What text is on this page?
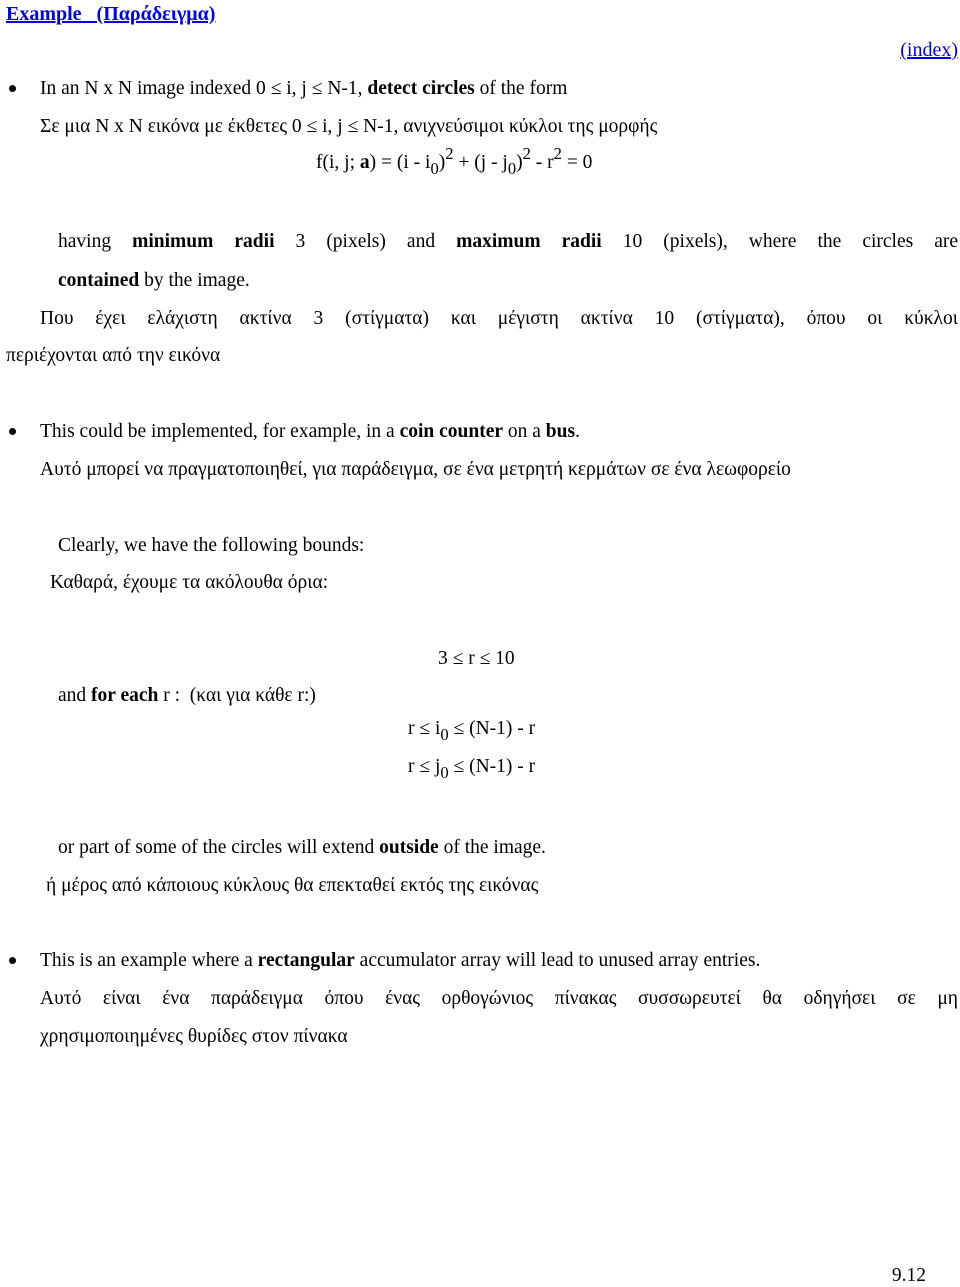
Example   (Παράδειγμα)
(index)
In an N x N image indexed 0 ≤ i, j ≤ N-1, detect circles of the form
Σε μια N x N εικόνα με έκθετες 0 ≤ i, j ≤ N-1, ανιχνεύσιμοι κύκλοι της μορφής
f(i, j; $a) = (i - i_0)^2 + (j - j_0)^2 - r^2 = 0$
having minimum radii 3 (pixels) and maximum radii 10 (pixels), where the circles are
contained by the image.
Που έχει ελάχιστη ακτίνα 3 (στίγματα) και μέγιστη ακτίνα 10 (στίγματα), όπου οι κύκλοι
περιέχονται από την εικόνα
This could be implemented, for example, in a coin counter on a bus.
Αυτό μπορεί να πραγματοποιηθεί, για παράδειγμα, σε ένα μετρητή κερμάτων σε ένα λεωφορείο
Clearly, we have the following bounds:
Καθαρά, έχουμε τα ακόλουθα όρια:
3 ≤ r ≤ 10
and for each r :  (και για κάθε r:)
$r \le i_0 \le (N-1) - r$
$r \le j_0 \le (N-1) - r$
or part of some of the circles will extend outside of the image.
ή μέρος από κάποιους κύκλους θα επεκταθεί εκτός της εικόνας
This is an example where a rectangular accumulator array will lead to unused array entries.
Αυτό είναι ένα παράδειγμα όπου ένας ορθογώνιος πίνακας συσσωρευτεί θα οδηγήσει σε μη
χρησιμοποιημένες θυρίδες στον πίνακα
9.12
